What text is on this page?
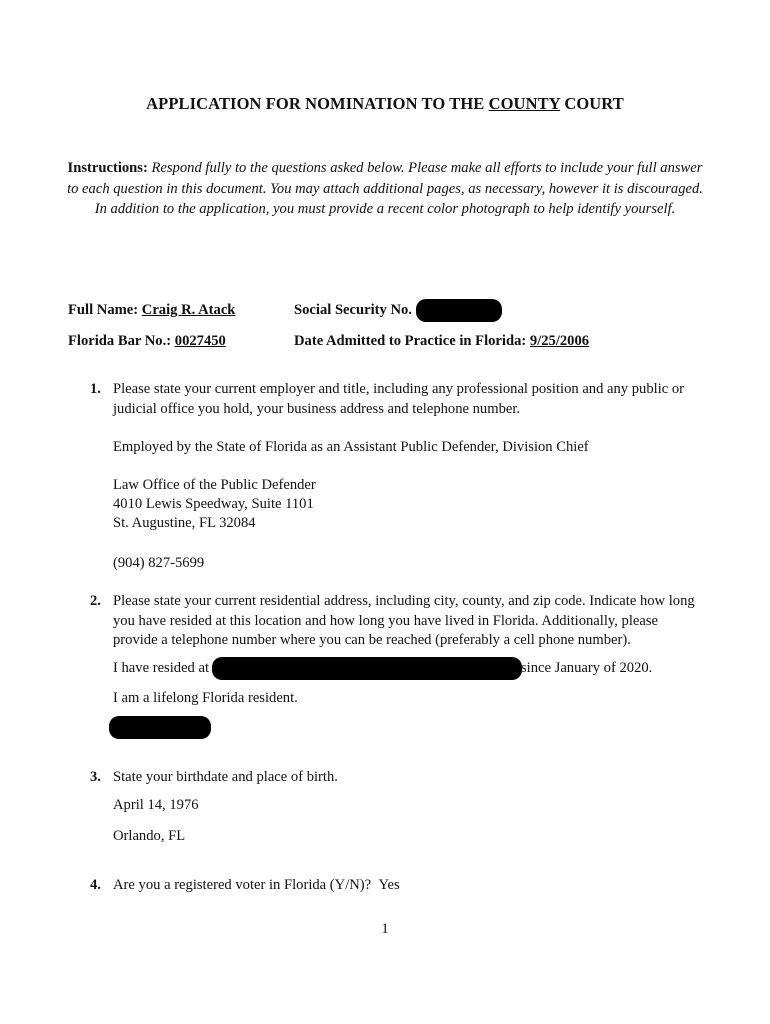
APPLICATION FOR NOMINATION TO THE COUNTY COURT
Instructions: Respond fully to the questions asked below. Please make all efforts to include your full answer to each question in this document. You may attach additional pages, as necessary, however it is discouraged. In addition to the application, you must provide a recent color photograph to help identify yourself.
Full Name: Craig R. Atack	Social Security No.
Florida Bar No.: 0027450	Date Admitted to Practice in Florida: 9/25/2006
1. Please state your current employer and title, including any professional position and any public or judicial office you hold, your business address and telephone number.
Employed by the State of Florida as an Assistant Public Defender, Division Chief
Law Office of the Public Defender
4010 Lewis Speedway, Suite 1101
St. Augustine, FL 32084
(904) 827-5699
2. Please state your current residential address, including city, county, and zip code. Indicate how long you have resided at this location and how long you have lived in Florida. Additionally, please provide a telephone number where you can be reached (preferably a cell phone number).
I have resided at	since January of 2020.
I am a lifelong Florida resident.
3. State your birthdate and place of birth.
April 14, 1976
Orlando, FL
4. Are you a registered voter in Florida (Y/N)? Yes
1
